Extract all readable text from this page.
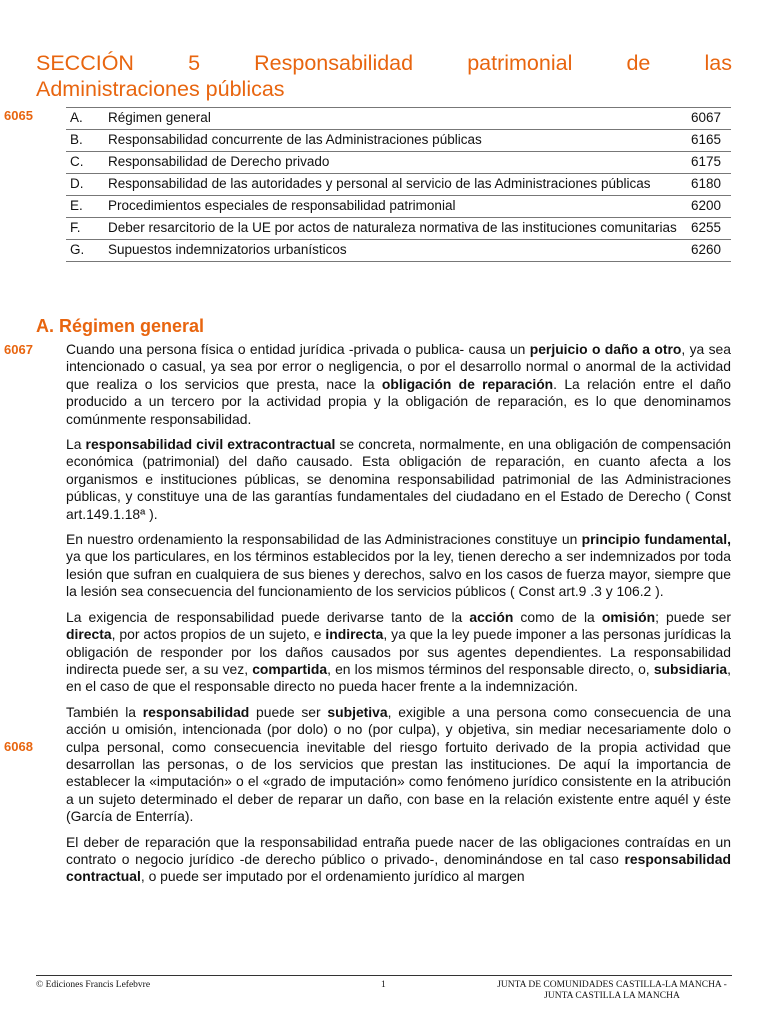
SECCIÓN	5	Responsabilidad	patrimonial	de	las
Administraciones públicas
6065	A.	Régimen general	6067
B.	Responsabilidad concurrente de las Administraciones públicas	6165
C.	Responsabilidad de Derecho privado	6175
D.	Responsabilidad de las autoridades y personal al servicio de las Administraciones públicas	6180
E.	Procedimientos especiales de responsabilidad patrimonial	6200
F.	Deber resarcitorio de la UE por actos de naturaleza normativa de las instituciones comunitarias	6255
G.	Supuestos indemnizatorios urbanísticos	6260
A. Régimen general
6067
6068

Cuando una persona física o entidad jurídica -privada o publica- causa un perjuicio o daño a otro, ya sea intencionado o casual, ya sea por error o negligencia, o por el desarrollo normal o anormal de la actividad que realiza o los servicios que presta, nace la obligación de reparación. La relación entre el daño producido a un tercero por la actividad propia y la obligación de reparación, es lo que denominamos comúnmente responsabilidad.

La responsabilidad civil extracontractual se concreta, normalmente, en una obligación de compensación económica (patrimonial) del daño causado. Esta obligación de reparación, en cuanto afecta a los organismos e instituciones públicas, se denomina responsabilidad patrimonial de las Administraciones públicas, y constituye una de las garantías fundamentales del ciudadano en el Estado de Derecho ( Const art.149.1.18ª ).

En nuestro ordenamiento la responsabilidad de las Administraciones constituye un principio fundamental, ya que los particulares, en los términos establecidos por la ley, tienen derecho a ser indemnizados por toda lesión que sufran en cualquiera de sus bienes y derechos, salvo en los casos de fuerza mayor, siempre que la lesión sea consecuencia del funcionamiento de los servicios públicos ( Const art.9 .3 y 106.2 ).

La exigencia de responsabilidad puede derivarse tanto de la acción como de la omisión; puede ser directa, por actos propios de un sujeto, e indirecta, ya que la ley puede imponer a las personas jurídicas la obligación de responder por los daños causados por sus agentes dependientes. La responsabilidad indirecta puede ser, a su vez, compartida, en los mismos términos del responsable directo, o, subsidiaria, en el caso de que el responsable directo no pueda hacer frente a la indemnización.

También la responsabilidad puede ser subjetiva, exigible a una persona como consecuencia de una acción u omisión, intencionada (por dolo) o no (por culpa), y objetiva, sin mediar necesariamente dolo o culpa personal, como consecuencia inevitable del riesgo fortuito derivado de la propia actividad que desarrollan las personas, o de los servicios que prestan las instituciones. De aquí la importancia de establecer la «imputación» o el «grado de imputación» como fenómeno jurídico consistente en la atribución a un sujeto determinado el deber de reparar un daño, con base en la relación existente entre aquél y éste (García de Enterría).

El deber de reparación que la responsabilidad entraña puede nacer de las obligaciones contraídas en un contrato o negocio jurídico -de derecho público o privado-, denominándose en tal caso responsabilidad contractual, o puede ser imputado por el ordenamiento jurídico al margen

© Ediciones Francis Lefebvre	1	JUNTA DE COMUNIDADES CASTILLA-LA MANCHA -
JUNTA CASTILLA LA MANCHA
